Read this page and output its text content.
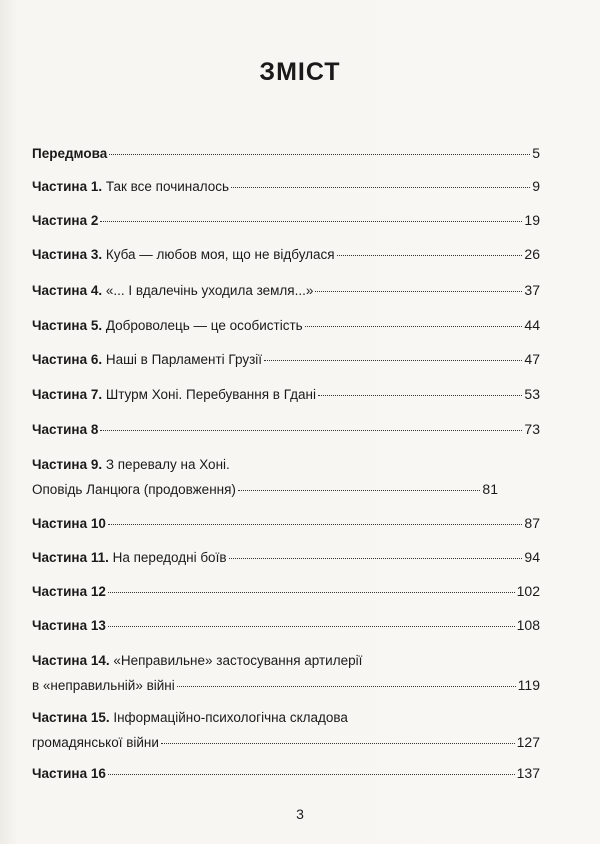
ЗМІСТ
Передмова	5
Частина 1. Так все починалось	9
Частина 2	19
Частина 3. Куба — любов моя, що не відбулася	26
Частина 4. «... І вдалечінь уходила земля...»	37
Частина 5. Доброволець — це особистість	44
Частина 6. Наші в Парламенті Грузії	47
Частина 7. Штурм Хоні. Перебування в Гдані	53
Частина 8	73
Частина 9. З перевалу на Хоні.
Оповідь Ланцюга (продовження)	81
Частина 10	87
Частина 11. На передодні боїв	94
Частина 12	102
Частина 13	108
Частина 14. «Неправильне» застосування артилерії
в «неправильній» війні	119
Частина 15. Інформаційно-психологічна складова
громадянської війни	127
Частина 16	137
3
